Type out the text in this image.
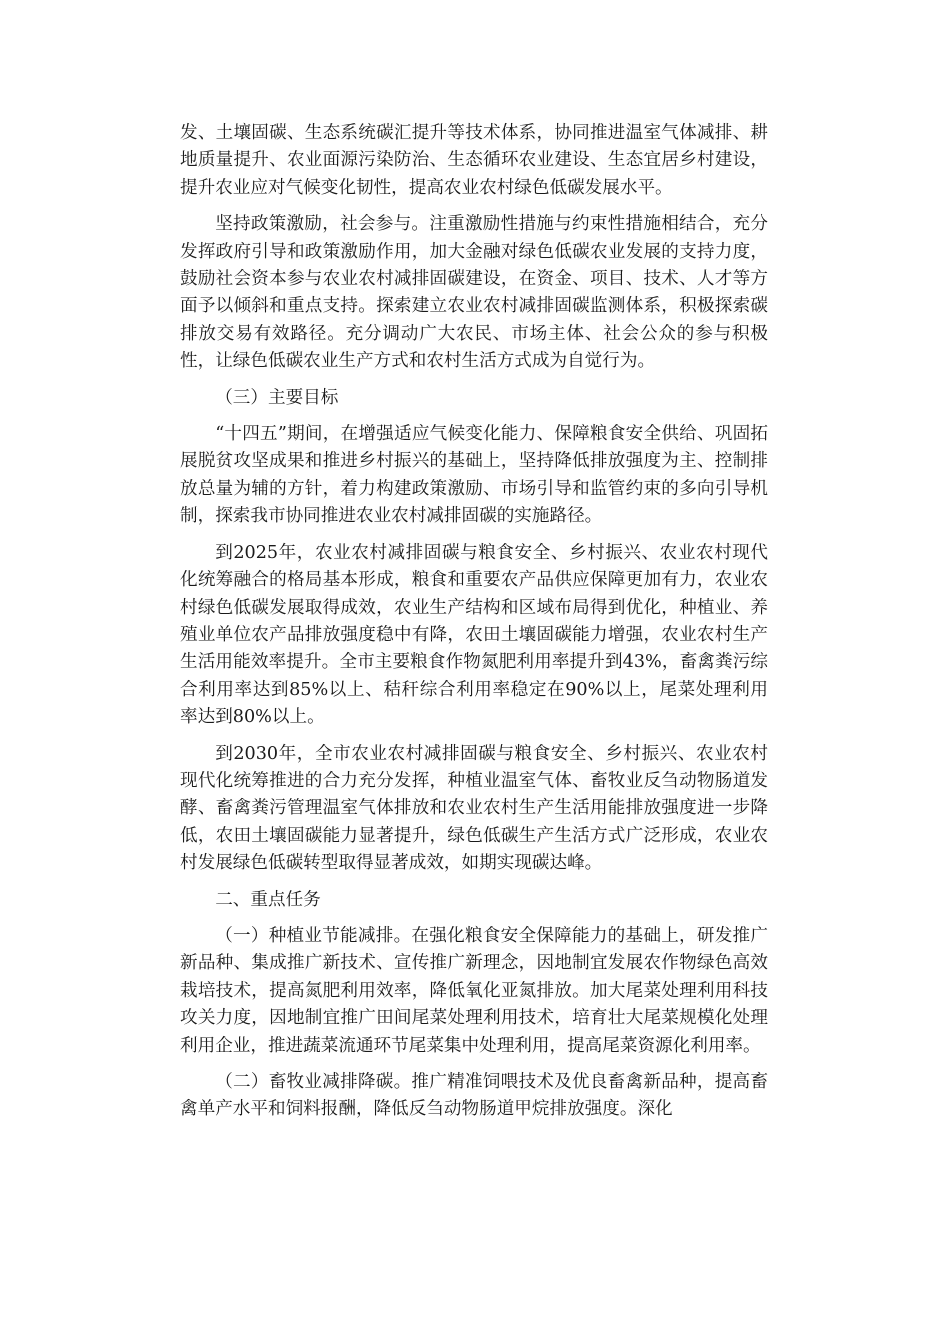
发、土壤固碳、生态系统碳汇提升等技术体系，协同推进温室气体减排、耕地质量提升、农业面源污染防治、生态循环农业建设、生态宜居乡村建设，提升农业应对气候变化韧性，提高农业农村绿色低碳发展水平。

坚持政策激励，社会参与。注重激励性措施与约束性措施相结合，充分发挥政府引导和政策激励作用，加大金融对绿色低碳农业发展的支持力度，鼓励社会资本参与农业农村减排固碳建设，在资金、项目、技术、人才等方面予以倾斜和重点支持。探索建立农业农村减排固碳监测体系，积极探索碳排放交易有效路径。充分调动广大农民、市场主体、社会公众的参与积极性，让绿色低碳农业生产方式和农村生活方式成为自觉行为。

（三）主要目标

“十四五”期间，在增强适应气候变化能力、保障粮食安全供给、巩固拓展脱贫攻坚成果和推进乡村振兴的基础上，坚持降低排放强度为主、控制排放总量为辅的方针，着力构建政策激励、市场引导和监管约束的多向引导机制，探索我市协同推进农业农村减排固碳的实施路径。

到2025年，农业农村减排固碳与粮食安全、乡村振兴、农业农村现代化统筹融合的格局基本形成，粮食和重要农产品供应保障更加有力，农业农村绿色低碳发展取得成效，农业生产结构和区域布局得到优化，种植业、养殖业单位农产品排放强度稳中有降，农田土壤固碳能力增强，农业农村生产生活用能效率提升。全市主要粮食作物氮肥利用率提升到43%，畜禽粪污综合利用率达到85%以上、秸秆综合利用率稳定在90%以上，尾菜处理利用率达到80%以上。

到2030年，全市农业农村减排固碳与粮食安全、乡村振兴、农业农村现代化统筹推进的合力充分发挥，种植业温室气体、畜牧业反刍动物肠道发酵、畜禽粪污管理温室气体排放和农业农村生产生活用能排放强度进一步降低，农田土壤固碳能力显著提升，绿色低碳生产生活方式广泛形成，农业农村发展绿色低碳转型取得显著成效，如期实现碳达峰。

二、重点任务

（一）种植业节能减排。在强化粮食安全保障能力的基础上，研发推广新品种、集成推广新技术、宣传推广新理念，因地制宜发展农作物绿色高效栽培技术，提高氮肥利用效率，降低氧化亚氮排放。加大尾菜处理利用科技攻关力度，因地制宜推广田间尾菜处理利用技术，培育壮大尾菜规模化处理利用企业，推进蔬菜流通环节尾菜集中处理利用，提高尾菜资源化利用率。

（二）畜牧业减排降碳。推广精准饲喂技术及优良畜禽新品种，提高畜禽单产水平和饲料报酬，降低反刍动物肠道甲烷排放强度。深化
